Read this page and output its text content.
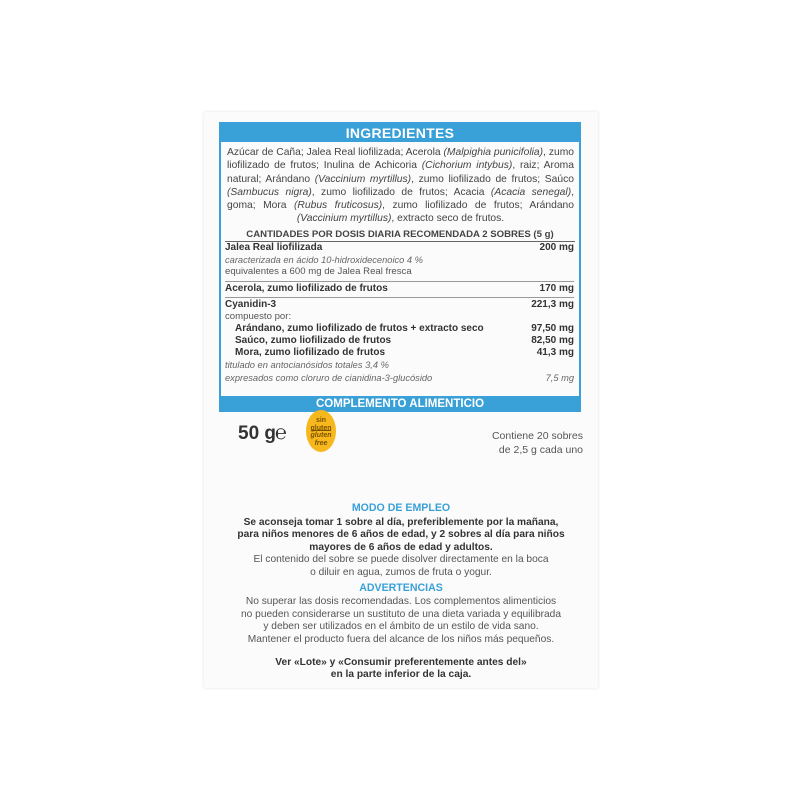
INGREDIENTES
Azúcar de Caña; Jalea Real liofilizada; Acerola (Malpighia punicifolia), zumo liofilizado de frutos; Inulina de Achicoria (Cichorium intybus), raiz; Aroma natural; Arándano (Vaccinium myrtillus), zumo liofilizado de frutos; Saúco (Sambucus nigra), zumo liofilizado de frutos; Acacia (Acacia senegal), goma; Mora (Rubus fruticosus), zumo liofilizado de frutos; Arándano (Vaccinium myrtillus), extracto seco de frutos.
CANTIDADES POR DOSIS DIARIA RECOMENDADA 2 SOBRES (5 g)
Jalea Real liofilizada	200 mg
caracterizada en ácido 10-hidroxidecenoico 4 %
equivalentes a 600 mg de Jalea Real fresca
Acerola, zumo liofilizado de frutos	170 mg
Cyanidin-3	221,3 mg
compuesto por:
Arándano, zumo liofilizado de frutos + extracto seco	97,50 mg
Saúco, zumo liofilizado de frutos	82,50 mg
Mora, zumo liofilizado de frutos	41,3 mg
titulado en antocianósidos totales 3,4 %
expresados como cloruro de cianidina-3-glucósido	7,5 mg
COMPLEMENTO ALIMENTICIO
50 g
℮
sin gluten
gluten free
Contiene 20 sobres
de 2,5 g cada uno
MODO DE EMPLEO
Se aconseja tomar 1 sobre al día, preferiblemente por la mañana,
para niños menores de 6 años de edad, y 2 sobres al día para niños
mayores de 6 años de edad y adultos.
El contenido del sobre se puede disolver directamente en la boca
o diluir en agua, zumos de fruta o yogur.
ADVERTENCIAS
No superar las dosis recomendadas. Los complementos alimenticios
no pueden considerarse un sustituto de una dieta variada y equilibrada
y deben ser utilizados en el ámbito de un estilo de vida sano.
Mantener el producto fuera del alcance de los niños más pequeños.
Ver «Lote» y «Consumir preferentemente antes del»
en la parte inferior de la caja.
